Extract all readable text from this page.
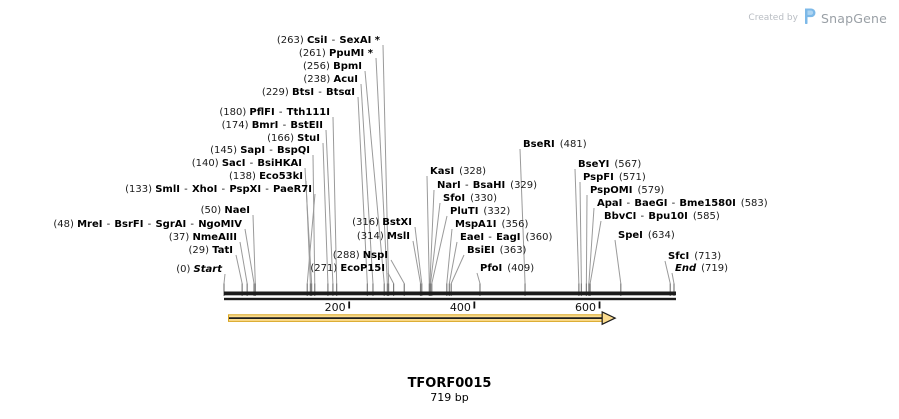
200	400	600
(0) Start
(29) TatI
(37) NmeAIII
(48) MreI - BsrFI - SgrAI - NgoMIV
(50) NaeI
(133) SmlI - XhoI - PspXI - PaeR7I
(138) Eco53kI
(140) SacI - BsiHKAI
(145) SapI - BspQI
(166) StuI
(174) BmrI - BstEII
(180) PflFI - Tth111I
(229) BtsI - BtsαI
(238) AcuI
(256) BpmI
(261) PpuMI *
(263) CsiI - SexAI *
(271) EcoP15I
(288) NspI
(314) MslI
(316) BstXI
KasI (328)
NarI - BsaHI (329)
SfoI (330)
PluTI (332)
MspA1I (356)
EaeI - EagI (360)
BsiEI (363)
PfoI (409)
BseRI (481)
BseYI (567)
PspFI (571)
PspOMI (579)
ApaI - BaeGI - Bme1580I (583)
BbvCI - Bpu10I (585)
SpeI (634)
SfcI (713)
End (719)
Created by SnapGene
TFORF0015
719 bp
